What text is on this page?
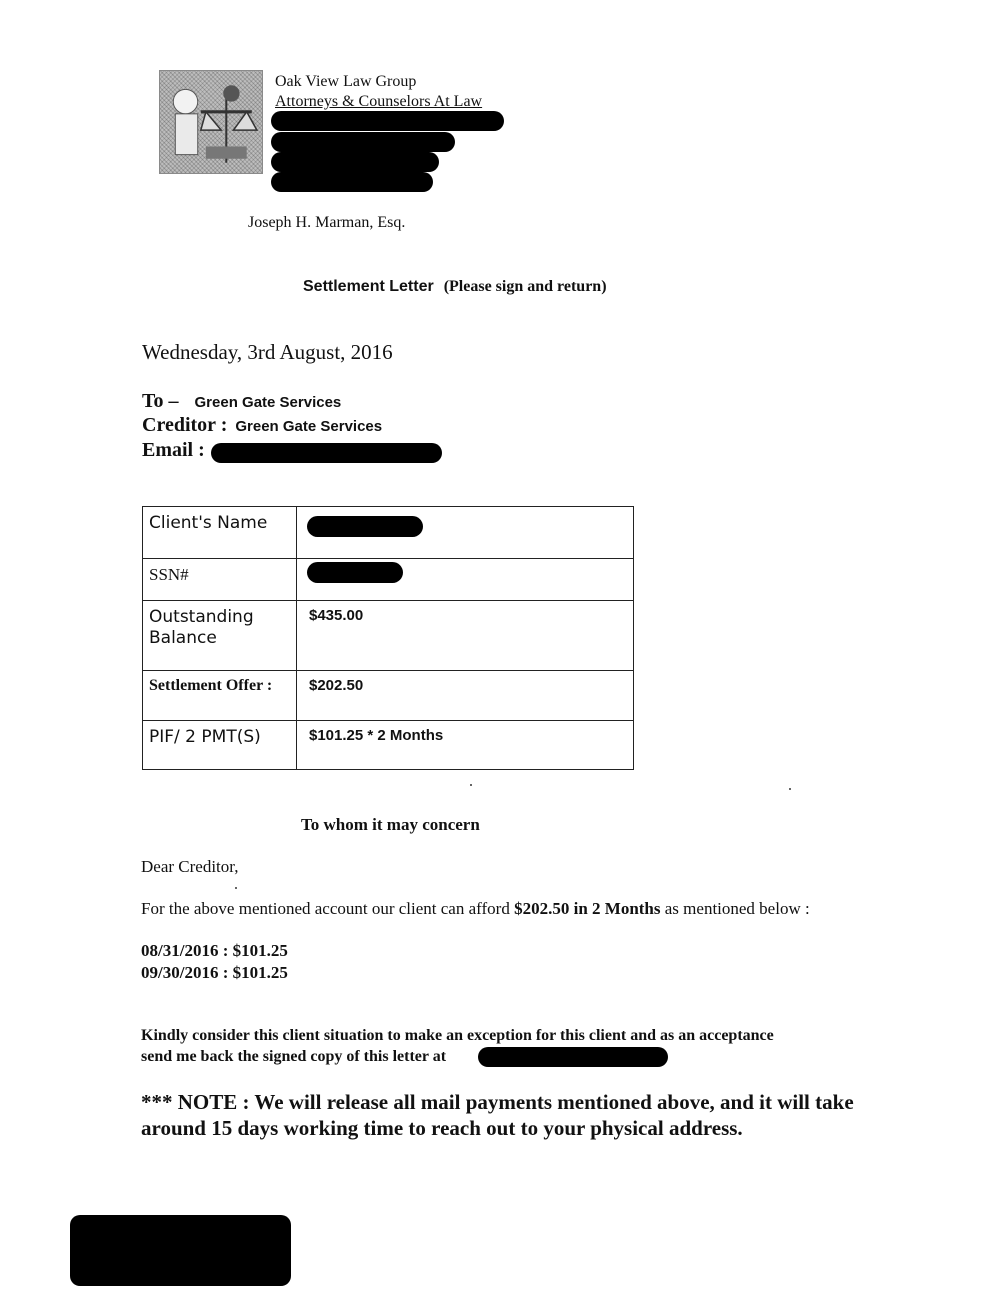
Oak View Law Group
Attorneys & Counselors At Law
Joseph H. Marman, Esq.
Settlement Letter (Please sign and return)
Wednesday, 3rd August, 2016
To – Green Gate Services
Creditor : Green Gate Services
Email :
Client's Name	
SSN#	
Outstanding Balance	$435.00
Settlement Offer :	$202.50
PIF/ 2 PMT(S)	$101.25 * 2 Months
To whom it may concern
Dear Creditor,
For the above mentioned account our client can afford $202.50 in 2 Months as mentioned below :
08/31/2016 : $101.25
09/30/2016 : $101.25
Kindly consider this client situation to make an exception for this client and as an acceptance
send me back the signed copy of this letter at
*** NOTE : We will release all mail payments mentioned above, and it will take around 15 days working time to reach out to your physical address.
